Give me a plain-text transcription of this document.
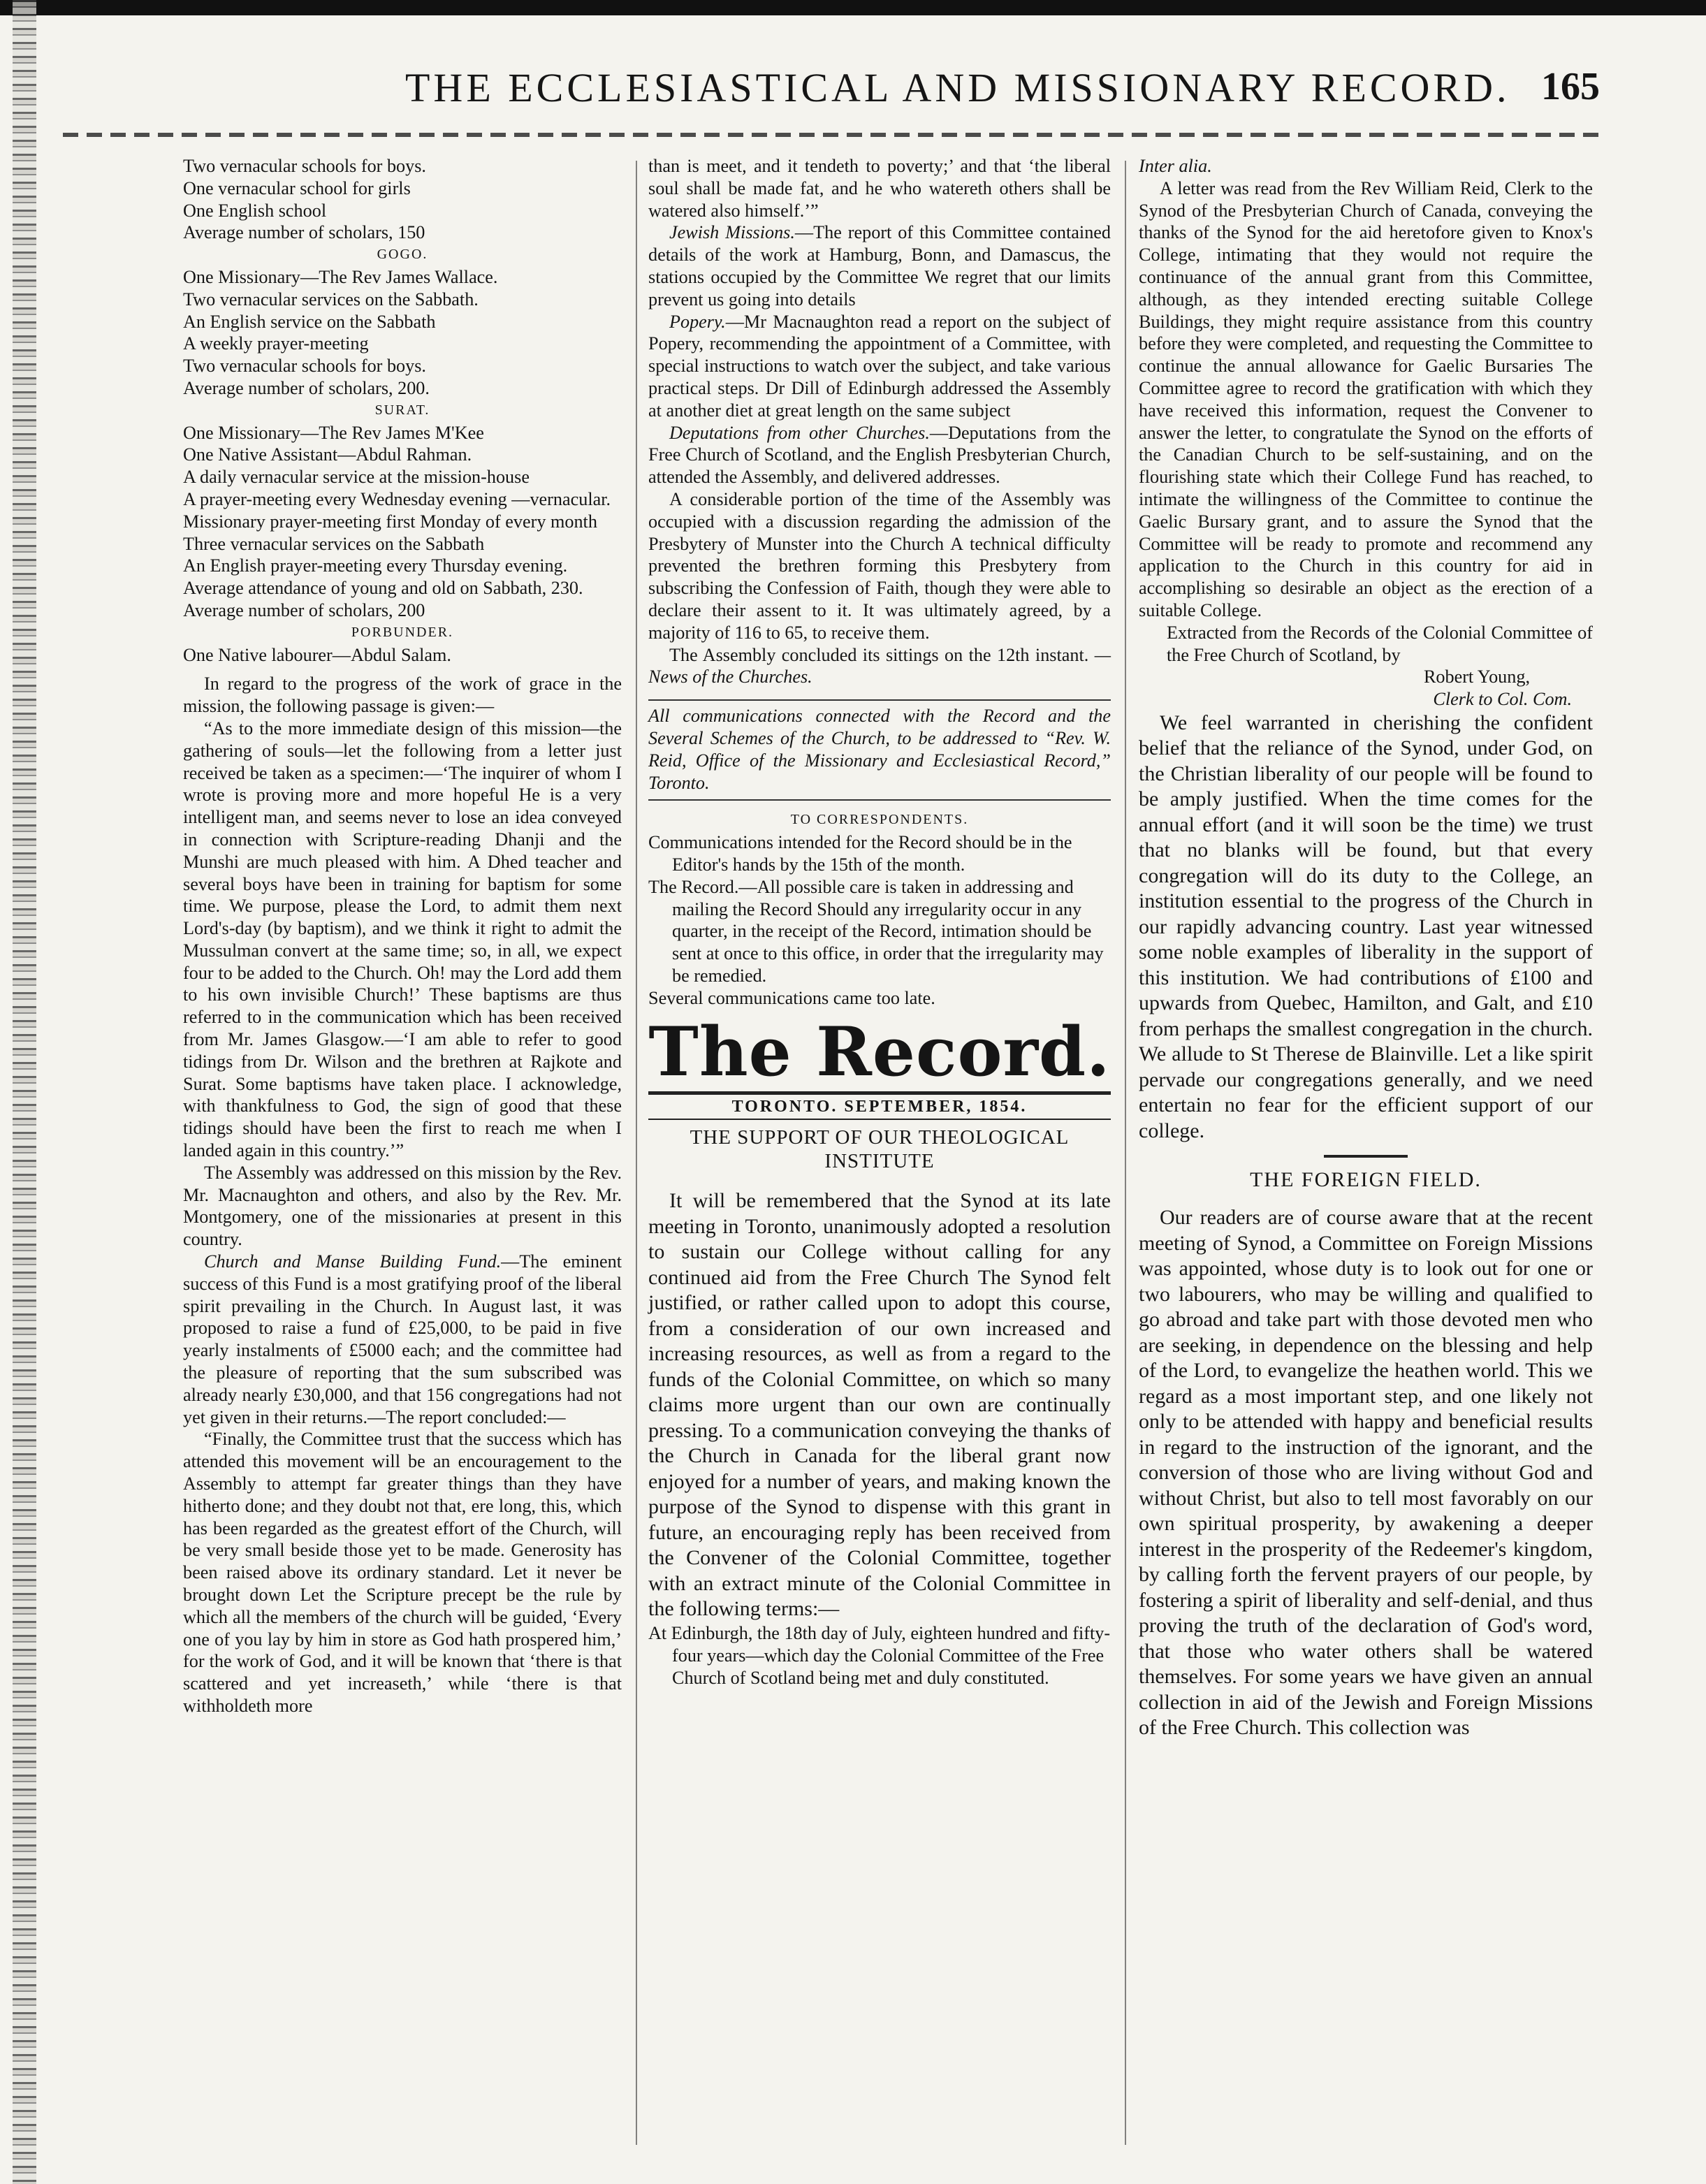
THE ECCLESIASTICAL AND MISSIONARY RECORD. 165

Two vernacular schools for boys.

One vernacular school for girls

One English school

Average number of scholars, 150

GOGO.

One Missionary—The Rev James Wallace.

Two vernacular services on the Sabbath.

An English service on the Sabbath

A weekly prayer-meeting

Two vernacular schools for boys.

Average number of scholars, 200.

SURAT.

One Missionary—The Rev James M'Kee

One Native Assistant—Abdul Rahman.

A daily vernacular service at the mission-house

A prayer-meeting every Wednesday evening —vernacular.

Missionary prayer-meeting first Monday of every month

Three vernacular services on the Sabbath

An English prayer-meeting every Thursday evening.

Average attendance of young and old on Sabbath, 230.

Average number of scholars, 200

PORBUNDER.

One Native labourer—Abdul Salam.

In regard to the progress of the work of grace in the mission, the following passage is given:—

“As to the more immediate design of this mission—the gathering of souls—let the following from a letter just received be taken as a specimen:—‘The inquirer of whom I wrote is proving more and more hopeful He is a very intelligent man, and seems never to lose an idea conveyed in connection with Scripture-reading Dhanji and the Munshi are much pleased with him. A Dhed teacher and several boys have been in training for baptism for some time. We purpose, please the Lord, to admit them next Lord's-day (by baptism), and we think it right to admit the Mussulman convert at the same time; so, in all, we expect four to be added to the Church. Oh! may the Lord add them to his own invisible Church!’ These baptisms are thus referred to in the communication which has been received from Mr. James Glasgow.—‘I am able to refer to good tidings from Dr. Wilson and the brethren at Rajkote and Surat. Some baptisms have taken place. I acknowledge, with thankfulness to God, the sign of good that these tidings should have been the first to reach me when I landed again in this country.’”

The Assembly was addressed on this mission by the Rev. Mr. Macnaughton and others, and also by the Rev. Mr. Montgomery, one of the missionaries at present in this country.

Church and Manse Building Fund.—The eminent success of this Fund is a most gratifying proof of the liberal spirit prevailing in the Church. In August last, it was proposed to raise a fund of £25,000, to be paid in five yearly instalments of £5000 each; and the committee had the pleasure of reporting that the sum subscribed was already nearly £30,000, and that 156 congregations had not yet given in their returns.—The report concluded:—

“Finally, the Committee trust that the success which has attended this movement will be an encouragement to the Assembly to attempt far greater things than they have hitherto done; and they doubt not that, ere long, this, which has been regarded as the greatest effort of the Church, will be very small beside those yet to be made. Generosity has been raised above its ordinary standard. Let it never be brought down Let the Scripture precept be the rule by which all the members of the church will be guided, ‘Every one of you lay by him in store as God hath prospered him,’ for the work of God, and it will be known that ‘there is that scattered and yet increaseth,’ while ‘there is that withholdeth more

than is meet, and it tendeth to poverty;’ and that ‘the liberal soul shall be made fat, and he who watereth others shall be watered also himself.’”

Jewish Missions.—The report of this Committee contained details of the work at Hamburg, Bonn, and Damascus, the stations occupied by the Committee We regret that our limits prevent us going into details

Popery.—Mr Macnaughton read a report on the subject of Popery, recommending the appointment of a Committee, with special instructions to watch over the subject, and take various practical steps. Dr Dill of Edinburgh addressed the Assembly at another diet at great length on the same subject

Deputations from other Churches.—Deputations from the Free Church of Scotland, and the English Presbyterian Church, attended the Assembly, and delivered addresses.

A considerable portion of the time of the Assembly was occupied with a discussion regarding the admission of the Presbytery of Munster into the Church A technical difficulty prevented the brethren forming this Presbytery from subscribing the Confession of Faith, though they were able to declare their assent to it. It was ultimately agreed, by a majority of 116 to 65, to receive them.

The Assembly concluded its sittings on the 12th instant. —News of the Churches.

All communications connected with the Record and the Several Schemes of the Church, to be addressed to “Rev. W. Reid, Office of the Missionary and Ecclesiastical Record,” Toronto.

TO CORRESPONDENTS.

Communications intended for the Record should be in the Editor's hands by the 15th of the month.

The Record.—All possible care is taken in addressing and mailing the Record Should any irregularity occur in any quarter, in the receipt of the Record, intimation should be sent at once to this office, in order that the irregularity may be remedied.

Several communications came too late.

The Record.
TORONTO. SEPTEMBER, 1854.
THE SUPPORT OF OUR THEOLOGICAL INSTITUTE

It will be remembered that the Synod at its late meeting in Toronto, unanimously adopted a resolution to sustain our College without calling for any continued aid from the Free Church The Synod felt justified, or rather called upon to adopt this course, from a consideration of our own increased and increasing resources, as well as from a regard to the funds of the Colonial Committee, on which so many claims more urgent than our own are continually pressing. To a communication conveying the thanks of the Church in Canada for the liberal grant now enjoyed for a number of years, and making known the purpose of the Synod to dispense with this grant in future, an encouraging reply has been received from the Convener of the Colonial Committee, together with an extract minute of the Colonial Committee in the following terms:—

At Edinburgh, the 18th day of July, eighteen hundred and fifty-four years—which day the Colonial Committee of the Free Church of Scotland being met and duly constituted.

Inter alia.

A letter was read from the Rev William Reid, Clerk to the Synod of the Presbyterian Church of Canada, conveying the thanks of the Synod for the aid heretofore given to Knox's College, intimating that they would not require the continuance of the annual grant from this Committee, although, as they intended erecting suitable College Buildings, they might require assistance from this country before they were completed, and requesting the Committee to continue the annual allowance for Gaelic Bursaries The Committee agree to record the gratification with which they have received this information, request the Convener to answer the letter, to congratulate the Synod on the efforts of the Canadian Church to be self-sustaining, and on the flourishing state which their College Fund has reached, to intimate the willingness of the Committee to continue the Gaelic Bursary grant, and to assure the Synod that the Committee will be ready to promote and recommend any application to the Church in this country for aid in accomplishing so desirable an object as the erection of a suitable College.

Extracted from the Records of the Colonial Committee of the Free Church of Scotland, by

Robert Young,

Clerk to Col. Com.

We feel warranted in cherishing the confident belief that the reliance of the Synod, under God, on the Christian liberality of our people will be found to be amply justified. When the time comes for the annual effort (and it will soon be the time) we trust that no blanks will be found, but that every congregation will do its duty to the College, an institution essential to the progress of the Church in our rapidly advancing country. Last year witnessed some noble examples of liberality in the support of this institution. We had contributions of £100 and upwards from Quebec, Hamilton, and Galt, and £10 from perhaps the smallest congregation in the church. We allude to St Therese de Blainville. Let a like spirit pervade our congregations generally, and we need entertain no fear for the efficient support of our college.

THE FOREIGN FIELD.

Our readers are of course aware that at the recent meeting of Synod, a Committee on Foreign Missions was appointed, whose duty is to look out for one or two labourers, who may be willing and qualified to go abroad and take part with those devoted men who are seeking, in dependence on the blessing and help of the Lord, to evangelize the heathen world. This we regard as a most important step, and one likely not only to be attended with happy and beneficial results in regard to the instruction of the ignorant, and the conversion of those who are living without God and without Christ, but also to tell most favorably on our own spiritual prosperity, by awakening a deeper interest in the prosperity of the Redeemer's kingdom, by calling forth the fervent prayers of our people, by fostering a spirit of liberality and self-denial, and thus proving the truth of the declaration of God's word, that those who water others shall be watered themselves. For some years we have given an annual collection in aid of the Jewish and Foreign Missions of the Free Church. This collection was
